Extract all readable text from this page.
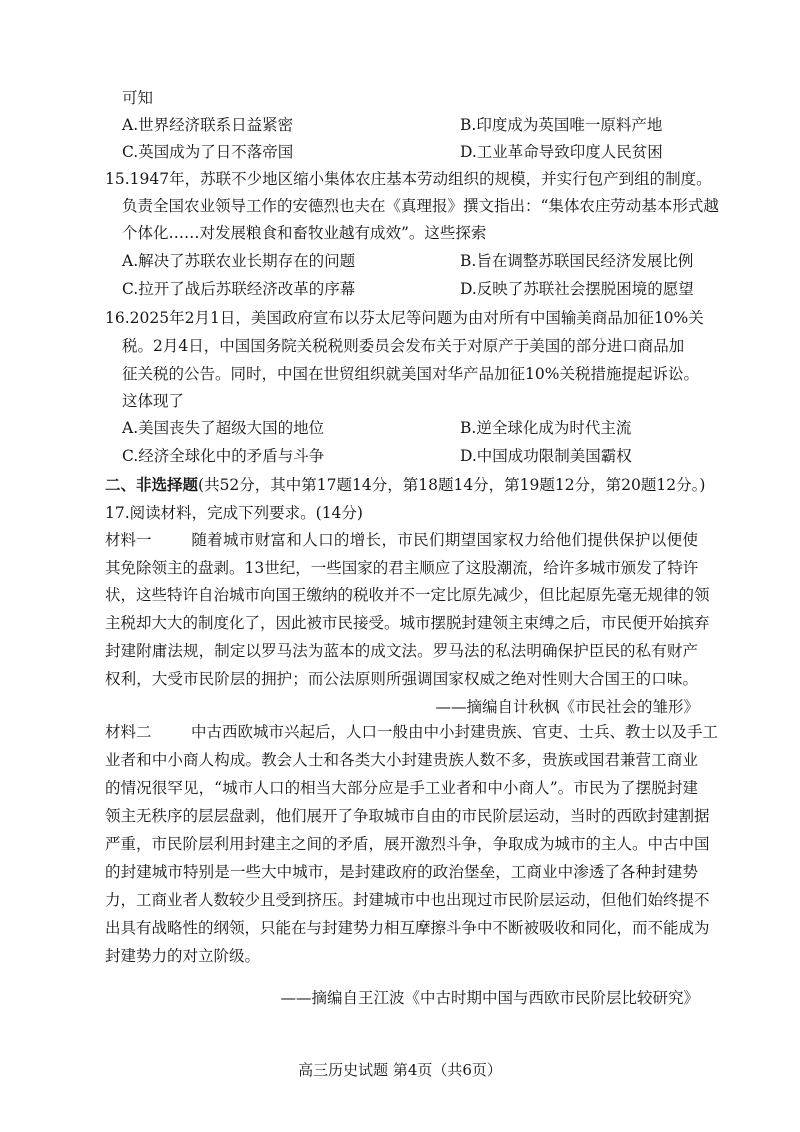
可知
A.世界经济联系日益紧密	B.印度成为英国唯一原料产地
C.英国成为了日不落帝国	D.工业革命导致印度人民贫困
15.1947年，苏联不少地区缩小集体农庄基本劳动组织的规模，并实行包产到组的制度。
负责全国农业领导工作的安德烈也夫在《真理报》撰文指出：“集体农庄劳动基本形式越
个体化……对发展粮食和畜牧业越有成效”。这些探索
A.解决了苏联农业长期存在的问题	B.旨在调整苏联国民经济发展比例
C.拉开了战后苏联经济改革的序幕	D.反映了苏联社会摆脱困境的愿望
16.2025年2月1日，美国政府宣布以芬太尼等问题为由对所有中国输美商品加征10%关
税。2月4日，中国国务院关税税则委员会发布关于对原产于美国的部分进口商品加
征关税的公告。同时，中国在世贸组织就美国对华产品加征10%关税措施提起诉讼。
这体现了
A.美国丧失了超级大国的地位	B.逆全球化成为时代主流
C.经济全球化中的矛盾与斗争	D.中国成功限制美国霸权
二、非选择题(共52分，其中第17题14分，第18题14分，第19题12分，第20题12分。)
17.阅读材料，完成下列要求。(14分)
材料一	随着城市财富和人口的增长，市民们期望国家权力给他们提供保护以便使
其免除领主的盘剥。13世纪，一些国家的君主顺应了这股潮流，给许多城市颁发了特许
状，这些特许自治城市向国王缴纳的税收并不一定比原先减少，但比起原先毫无规律的领
主税却大大的制度化了，因此被市民接受。城市摆脱封建领主束缚之后，市民便开始摈弃
封建附庸法规，制定以罗马法为蓝本的成文法。罗马法的私法明确保护臣民的私有财产
权利，大受市民阶层的拥护；而公法原则所强调国家权威之绝对性则大合国王的口味。
——摘编自计秋枫《市民社会的雏形》
材料二	中古西欧城市兴起后，人口一般由中小封建贵族、官吏、士兵、教士以及手工
业者和中小商人构成。教会人士和各类大小封建贵族人数不多，贵族或国君兼营工商业
的情况很罕见，“城市人口的相当大部分应是手工业者和中小商人”。市民为了摆脱封建
领主无秩序的层层盘剥，他们展开了争取城市自由的市民阶层运动，当时的西欧封建割据
严重，市民阶层利用封建主之间的矛盾，展开激烈斗争，争取成为城市的主人。中古中国
的封建城市特别是一些大中城市，是封建政府的政治堡垒，工商业中渗透了各种封建势
力，工商业者人数较少且受到挤压。封建城市中也出现过市民阶层运动，但他们始终提不
出具有战略性的纲领，只能在与封建势力相互摩擦斗争中不断被吸收和同化，而不能成为
封建势力的对立阶级。
——摘编自王江波《中古时期中国与西欧市民阶层比较研究》
高三历史试题 第4页（共6页）
